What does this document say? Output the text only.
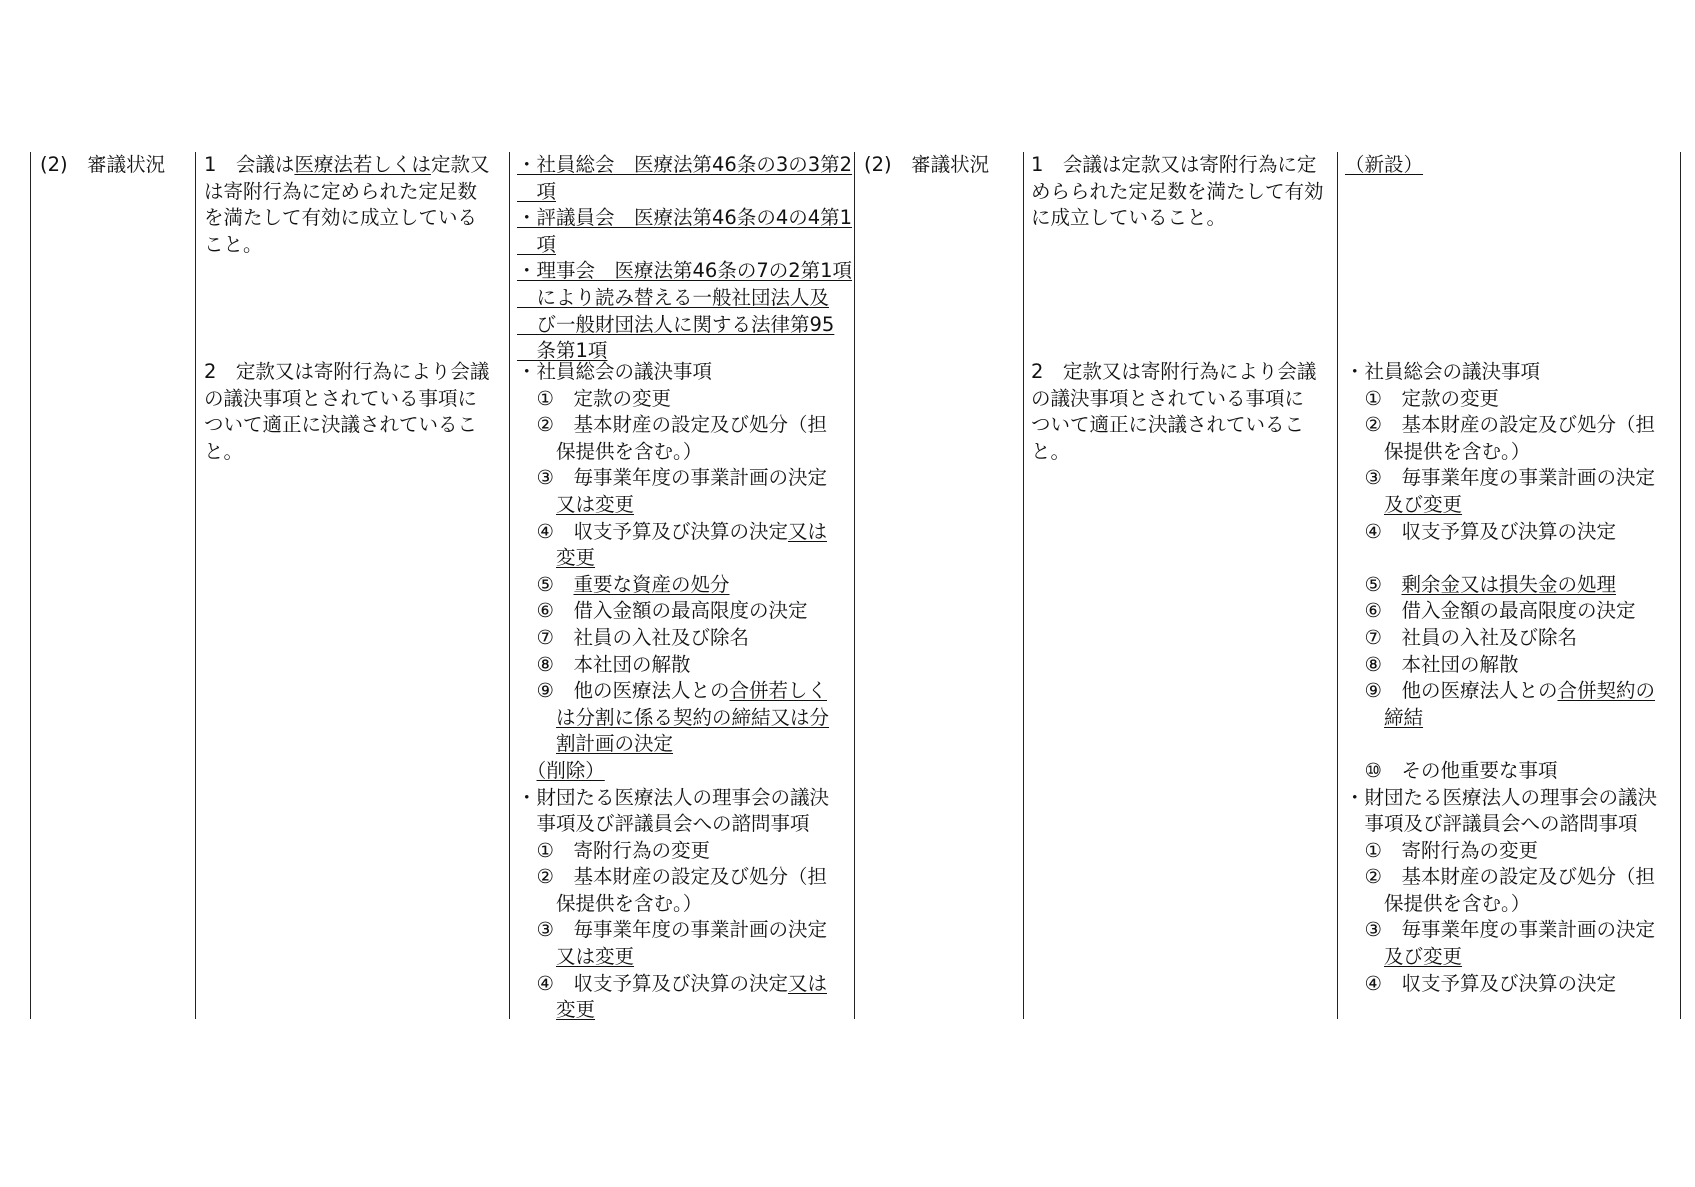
(2)　審議状況	1　会議は医療法若しくは定款又
は寄附行為に定められた定足数
を満たして有効に成立している
こと。
2　定款又は寄附行為により会議
の議決事項とされている事項に
ついて適正に決議されているこ
と。
・社員総会　医療法第46条の3の3第2
　項
・評議員会　医療法第46条の4の4第1
　項
・理事会　医療法第46条の7の2第1項
　により読み替える一般社団法人及
　び一般財団法人に関する法律第95
　条第1項
・社員総会の議決事項
　①　定款の変更
　②　基本財産の設定及び処分（担
　　保提供を含む。）
　③　毎事業年度の事業計画の決定
　　又は変更
　④　収支予算及び決算の決定又は
　　変更
　⑤　重要な資産の処分
　⑥　借入金額の最高限度の決定
　⑦　社員の入社及び除名
　⑧　本社団の解散
　⑨　他の医療法人との合併若しく
　　は分割に係る契約の締結又は分
　　割計画の決定
　（削除）
・財団たる医療法人の理事会の議決
　事項及び評議員会への諮問事項
　①　寄附行為の変更
　②　基本財産の設定及び処分（担
　　保提供を含む。）
　③　毎事業年度の事業計画の決定
　　又は変更
　④　収支予算及び決算の決定又は
　　変更
(2)　審議状況	1　会議は定款又は寄附行為に定
めらられた定足数を満たして有効
に成立していること。
2　定款又は寄附行為により会議
の議決事項とされている事項に
ついて適正に決議されているこ
と。
（新設）
・社員総会の議決事項
　①　定款の変更
　②　基本財産の設定及び処分（担
　　保提供を含む。）
　③　毎事業年度の事業計画の決定
　　及び変更
　④　収支予算及び決算の決定
　⑤　剰余金又は損失金の処理
　⑥　借入金額の最高限度の決定
　⑦　社員の入社及び除名
　⑧　本社団の解散
　⑨　他の医療法人との合併契約の
　　締結
　⑩　その他重要な事項
・財団たる医療法人の理事会の議決
　事項及び評議員会への諮問事項
　①　寄附行為の変更
　②　基本財産の設定及び処分（担
　　保提供を含む。）
　③　毎事業年度の事業計画の決定
　　及び変更
　④　収支予算及び決算の決定
